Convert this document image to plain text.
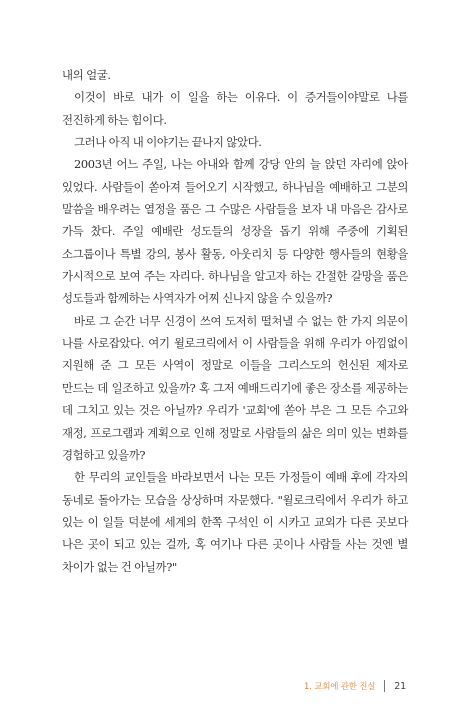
내의 얼굴.

이것이 바로 내가 이 일을 하는 이유다. 이 증거들이야말로 나를 전진하게 하는 힘이다.

그러나 아직 내 이야기는 끝나지 않았다.

2003년 어느 주일, 나는 아내와 함께 강당 안의 늘 앉던 자리에 앉아 있었다. 사람들이 쏟아져 들어오기 시작했고, 하나님을 예배하고 그분의 말씀을 배우려는 열정을 품은 그 수많은 사람들을 보자 내 마음은 감사로 가득 찼다. 주일 예배란 성도들의 성장을 돕기 위해 주중에 기획된 소그룹이나 특별 강의, 봉사 활동, 아웃리치 등 다양한 행사들의 현황을 가시적으로 보여 주는 자리다. 하나님을 알고자 하는 간절한 갈망을 품은 성도들과 함께하는 사역자가 어찌 신나지 않을 수 있을까?

바로 그 순간 너무 신경이 쓰여 도저히 떨쳐낼 수 없는 한 가지 의문이 나를 사로잡았다. 여기 윌로크릭에서 이 사람들을 위해 우리가 아낌없이 지원해 준 그 모든 사역이 정말로 이들을 그리스도의 헌신된 제자로 만드는 데 일조하고 있을까? 혹 그저 예배드리기에 좋은 장소를 제공하는 데 그치고 있는 것은 아닐까? 우리가 '교회'에 쏟아 부은 그 모든 수고와 재정, 프로그램과 계획으로 인해 정말로 사람들의 삶은 의미 있는 변화를 경험하고 있을까?

한 무리의 교인들을 바라보면서 나는 모든 가정들이 예배 후에 각자의 동네로 돌아가는 모습을 상상하며 자문했다. "윌로크릭에서 우리가 하고 있는 이 일들 덕분에 세계의 한쪽 구석인 이 시카고 교외가 다른 곳보다 나은 곳이 되고 있는 걸까, 혹 여기나 다른 곳이나 사람들 사는 것엔 별 차이가 없는 건 아닐까?"

1. 교회에 관한 진실 21
